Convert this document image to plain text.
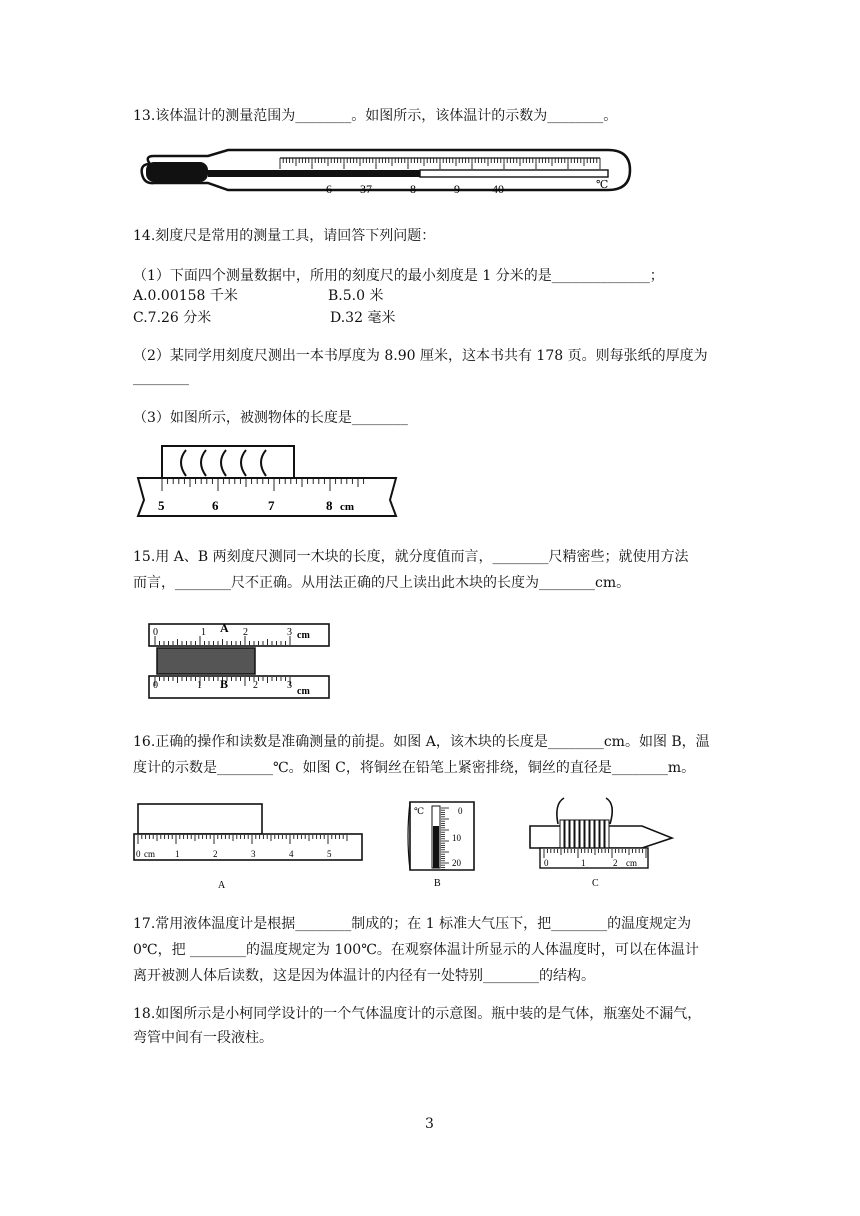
13.该体温计的测量范围为________。如图所示，该体温计的示数为________。
6 37	8	9	40	℃
14.刻度尺是常用的测量工具，请回答下列问题：
（1）下面四个测量数据中，所用的刻度尺的最小刻度是 1 分米的是______________；
A.0.00158 千米	B.5.0 米
C.7.26 分米	D.32 毫米
（2）某同学用刻度尺测出一本书厚度为 8.90 厘米，这本书共有 178 页。则每张纸的厚度为
________
（3）如图所示，被测物体的长度是________
5	6	7	8 cm
15.用 A、B 两刻度尺测同一木块的长度，就分度值而言，________尺精密些；就使用方法
而言，________尺不正确。从用法正确的尺上读出此木块的长度为________cm。
0	1 A 2	3 cm
0	1 B 2	3
cm
16.正确的操作和读数是准确测量的前提。如图 A，该木块的长度是________cm。如图 B，温
度计的示数是________℃。如图 C，将铜丝在铅笔上紧密排绕，铜丝的直径是________m。
0 cm 1	2	3	4	5
A
℃	0
10
20
B
0	1	2 cm
C
17.常用液体温度计是根据________制成的；在 1 标准大气压下，把________的温度规定为
0℃，把 ________的温度规定为 100℃。在观察体温计所显示的人体温度时，可以在体温计
离开被测人体后读数，这是因为体温计的内径有一处特别________的结构。
18.如图所示是小柯同学设计的一个气体温度计的示意图。瓶中装的是气体，瓶塞处不漏气，
弯管中间有一段液柱。
3
